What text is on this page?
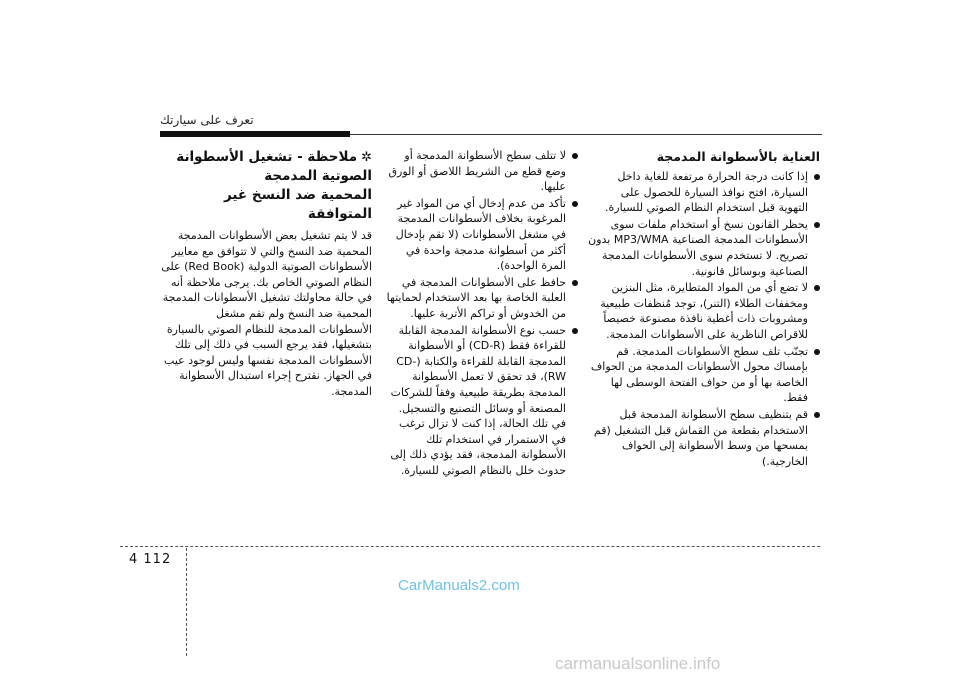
تعرف على سيارتك
العناية بالأسطوانة المدمجة
إذا كانت درجة الحرارة مرتفعة للغاية داخل السيارة، افتح نوافذ السيارة للحصول على التهوية قبل استخدام النظام الصوتي للسيارة.
يحظر القانون نسخ أو استخدام ملفات سوى الأسطوانات المدمجة الصناعية MP3/WMA بدون تصريح. لا تستخدم سوى الأسطوانات المدمجة الصناعية وبوسائل قانونية.
لا تضع أي من المواد المتطايرة، مثل البنزين ومخففات الطلاء (التنر)، توجد مُنظفات طبيعية ومشروبات ذات أغطية نافذة مصنوعة خصيصاً للاقراص الناظرية على الأسطوانات المدمجة.
تجنّب تلف سطح الأسطوانات المدمجة. قم بإمساك محول الأسطوانات المدمجة من الحواف الخاصة بها أو من حواف الفتحة الوسطى لها فقط.
قم بتنظيف سطح الأسطوانة المدمجة قبل الاستخدام بقطعة من القماش قبل التشغيل (قم بمسحها من وسط الأسطوانة إلى الحواف الخارجية.)
لا تتلف سطح الأسطوانة المدمجة أو وضع قطع من الشريط اللاصق أو الورق عليها.
تأكد من عدم إدخال أي من المواد غير المرغوبة بخلاف الأسطوانات المدمجة في مشغل الأسطوانات (لا تقم بإدخال أكثر من أسطوانة مدمجة واحدة في المرة الواحدة).
حافظ على الأسطوانات المدمجة في العلبة الخاصة بها بعد الاستخدام لحمايتها من الخدوش أو تراكم الأتربة عليها.
حسب نوع الأسطوانة المدمجة القابلة للقراءة فقط (CD-R) أو الأسطوانة المدمجة القابلة للقراءة والكتابة (CD-RW)، قد تحقق لا تعمل الأسطوانة المدمجة بطريقة طبيعية وفقاً للشركات المصنعة أو وسائل التصنيع والتسجيل. في تلك الحالة، إذا كنت لا تزال ترغب في الاستمرار في استخدام تلك الأسطوانة المدمجة، فقد يؤدي ذلك إلى حدوث خلل بالنظام الصوتي للسيارة.
✲ملاحظة - تشغيل الأسطوانة
الصوتية المدمجة
المحمية ضد النسخ غير
المتوافقة

قد لا يتم تشغيل بعض الأسطوانات المدمجة المحمية ضد النسخ والتي لا تتوافق مع معايير الأسطوانات الصوتية الدولية (Red Book) على النظام الصوتي الخاص بك. يرجى ملاحظة أنه في حالة محاولتك تشغيل الأسطوانات المدمجة المحمية ضد النسخ ولم تقم مشغل الأسطوانات المدمجة للنظام الصوتي بالسيارة بتشغيلها، فقد يرجع السبب في ذلك إلى تلك الأسطوانات المدمجة نفسها وليس لوجود عيب في الجهاز. نقترح إجراء استبدال الأسطوانة المدمجة.

4 112
CarManuals2.com
carmanualsonline.info
